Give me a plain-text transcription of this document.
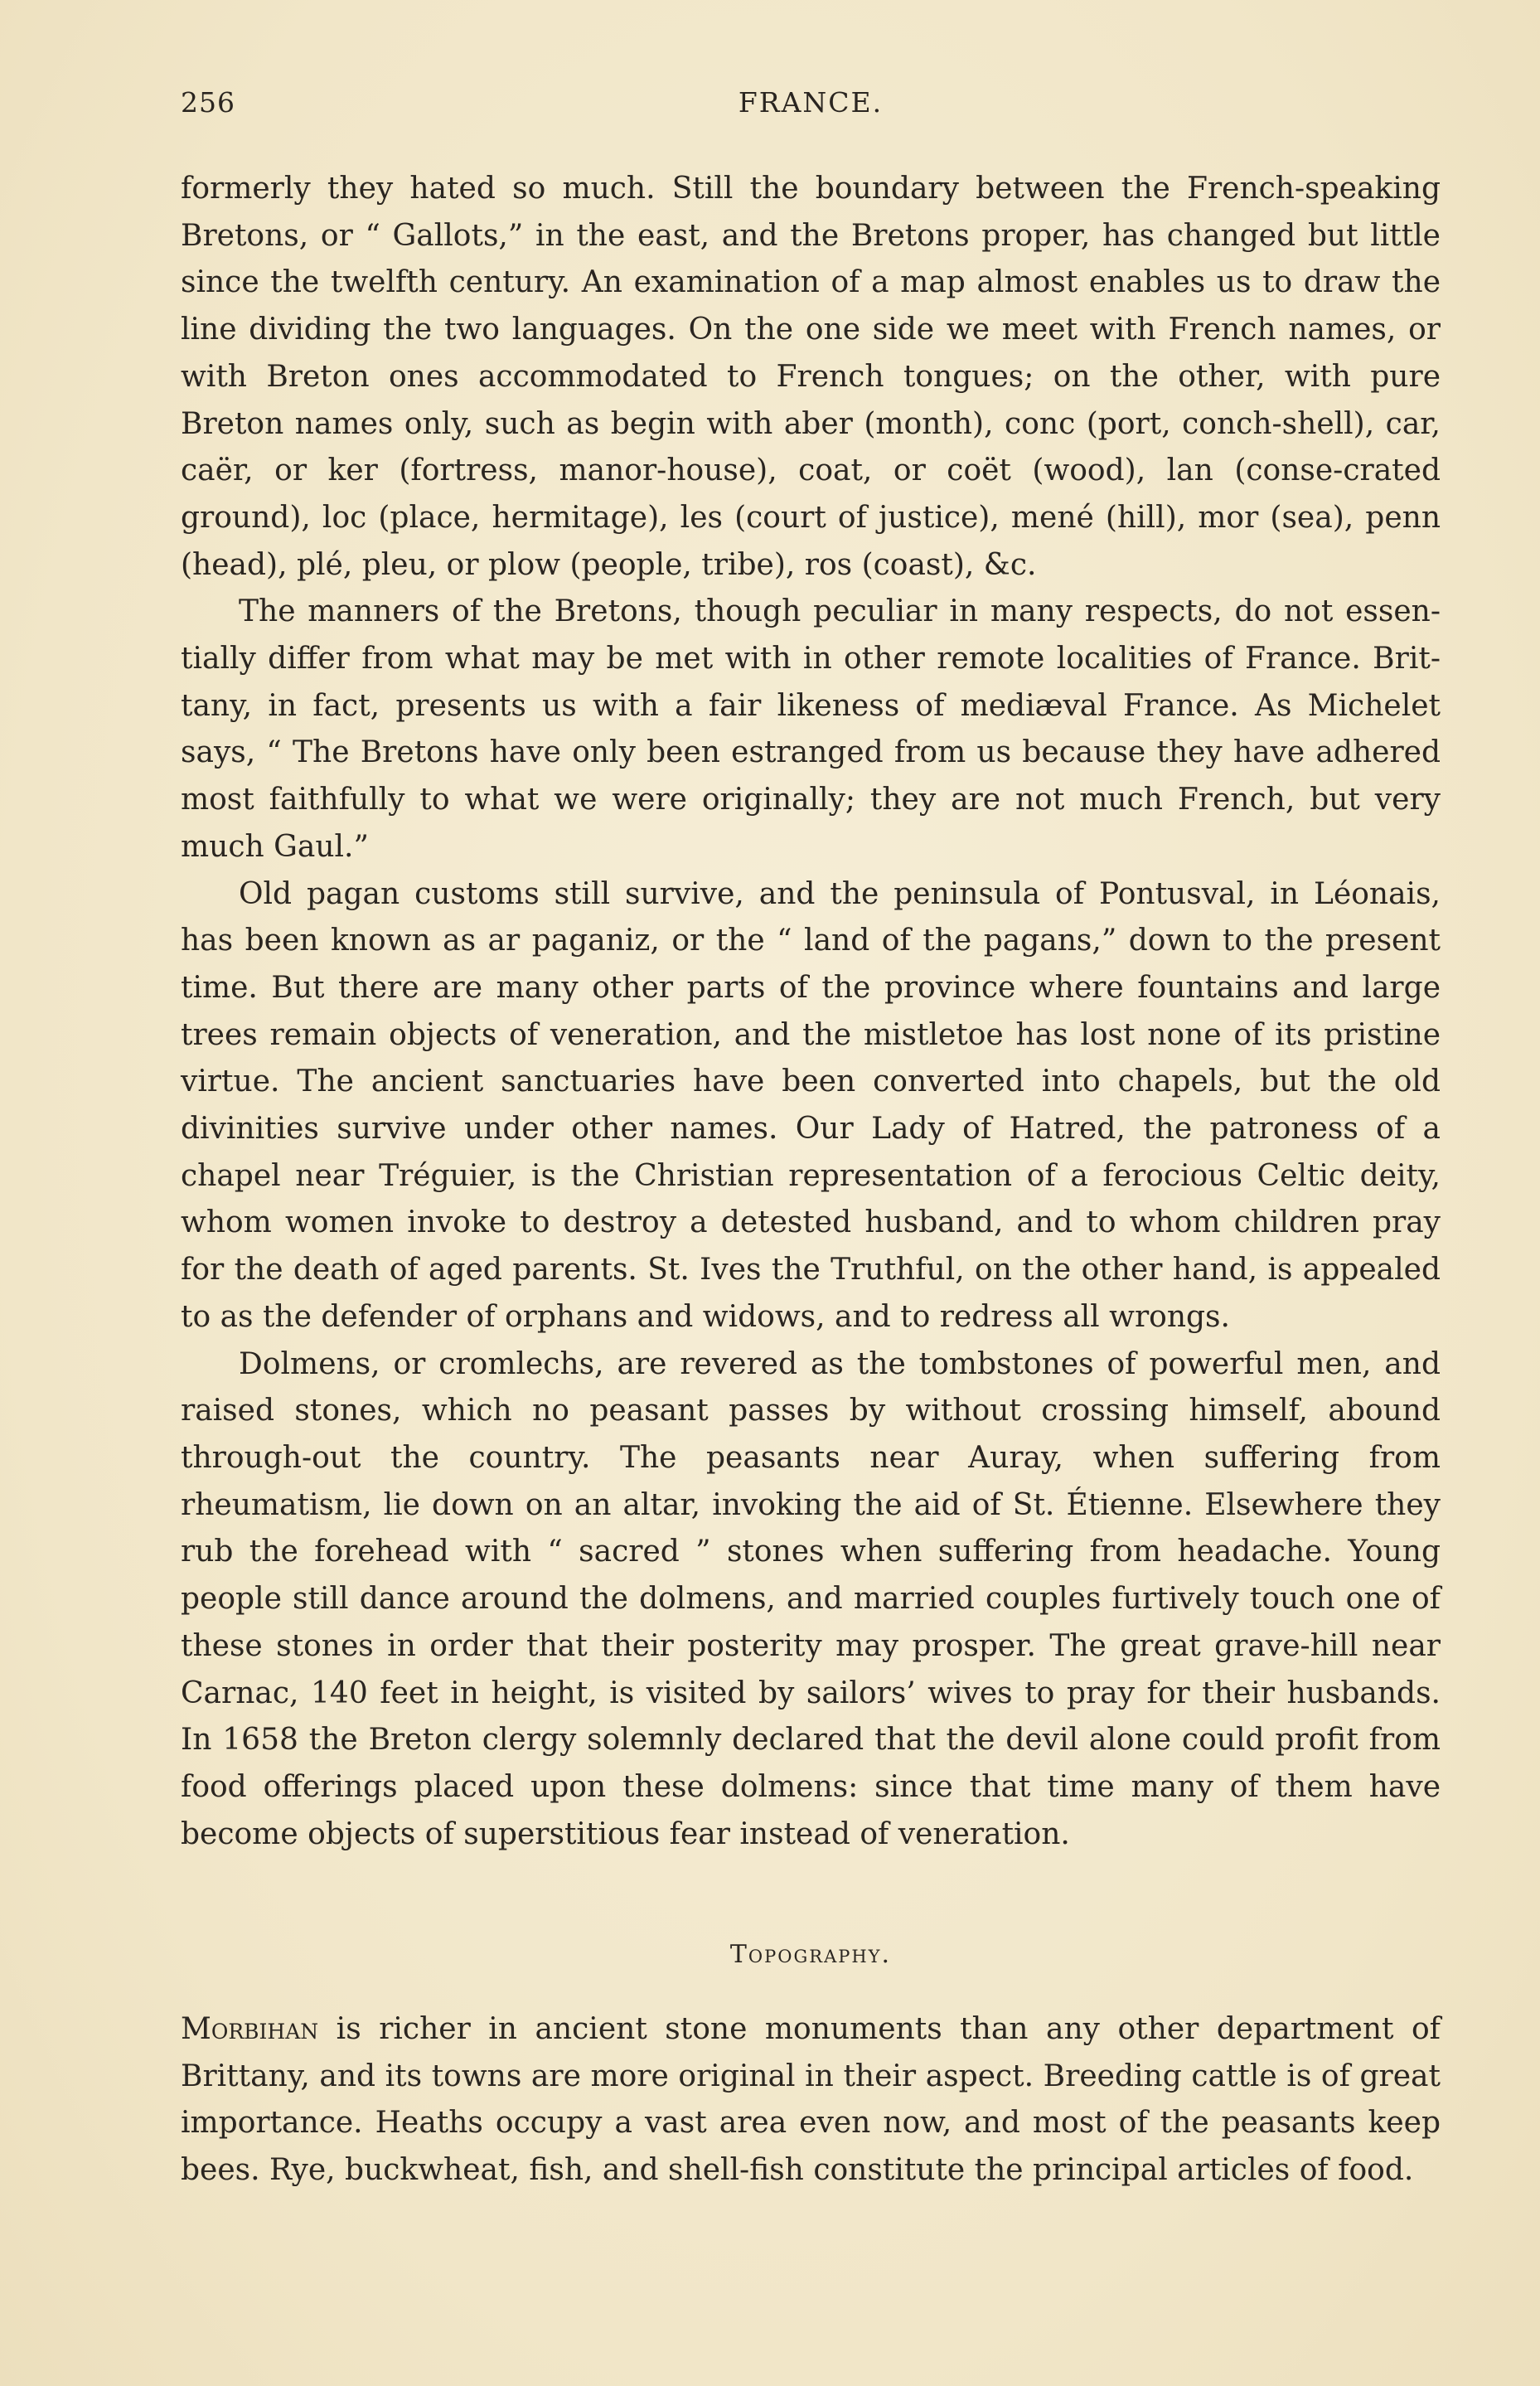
256	FRANCE.

formerly they hated so much. Still the boundary between the French-speaking Bretons, or “ Gallots,” in the east, and the Bretons proper, has changed but little since the twelfth century. An examination of a map almost enables us to draw the line dividing the two languages. On the one side we meet with French names, or with Breton ones accommodated to French tongues; on the other, with pure Breton names only, such as begin with aber (month), conc (port, conch-shell), car, caër, or ker (fortress, manor-house), coat, or coët (wood), lan (conse-crated ground), loc (place, hermitage), les (court of justice), mené (hill), mor (sea), penn (head), plé, pleu, or plow (people, tribe), ros (coast), &c.

The manners of the Bretons, though peculiar in many respects, do not essen-tially differ from what may be met with in other remote localities of France. Brit-tany, in fact, presents us with a fair likeness of mediæval France. As Michelet says, “ The Bretons have only been estranged from us because they have adhered most faithfully to what we were originally; they are not much French, but very much Gaul.”

Old pagan customs still survive, and the peninsula of Pontusval, in Léonais, has been known as ar paganiz, or the “ land of the pagans,” down to the present time. But there are many other parts of the province where fountains and large trees remain objects of veneration, and the mistletoe has lost none of its pristine virtue. The ancient sanctuaries have been converted into chapels, but the old divinities survive under other names. Our Lady of Hatred, the patroness of a chapel near Tréguier, is the Christian representation of a ferocious Celtic deity, whom women invoke to destroy a detested husband, and to whom children pray for the death of aged parents. St. Ives the Truthful, on the other hand, is appealed to as the defender of orphans and widows, and to redress all wrongs.

Dolmens, or cromlechs, are revered as the tombstones of powerful men, and raised stones, which no peasant passes by without crossing himself, abound through-out the country. The peasants near Auray, when suffering from rheumatism, lie down on an altar, invoking the aid of St. Étienne. Elsewhere they rub the forehead with “ sacred ” stones when suffering from headache. Young people still dance around the dolmens, and married couples furtively touch one of these stones in order that their posterity may prosper. The great grave-hill near Carnac, 140 feet in height, is visited by sailors’ wives to pray for their husbands. In 1658 the Breton clergy solemnly declared that the devil alone could profit from food offerings placed upon these dolmens: since that time many of them have become objects of superstitious fear instead of veneration.

Topography.

Morbihan is richer in ancient stone monuments than any other department of Brittany, and its towns are more original in their aspect. Breeding cattle is of great importance. Heaths occupy a vast area even now, and most of the peasants keep bees. Rye, buckwheat, fish, and shell-fish constitute the principal articles of food.
